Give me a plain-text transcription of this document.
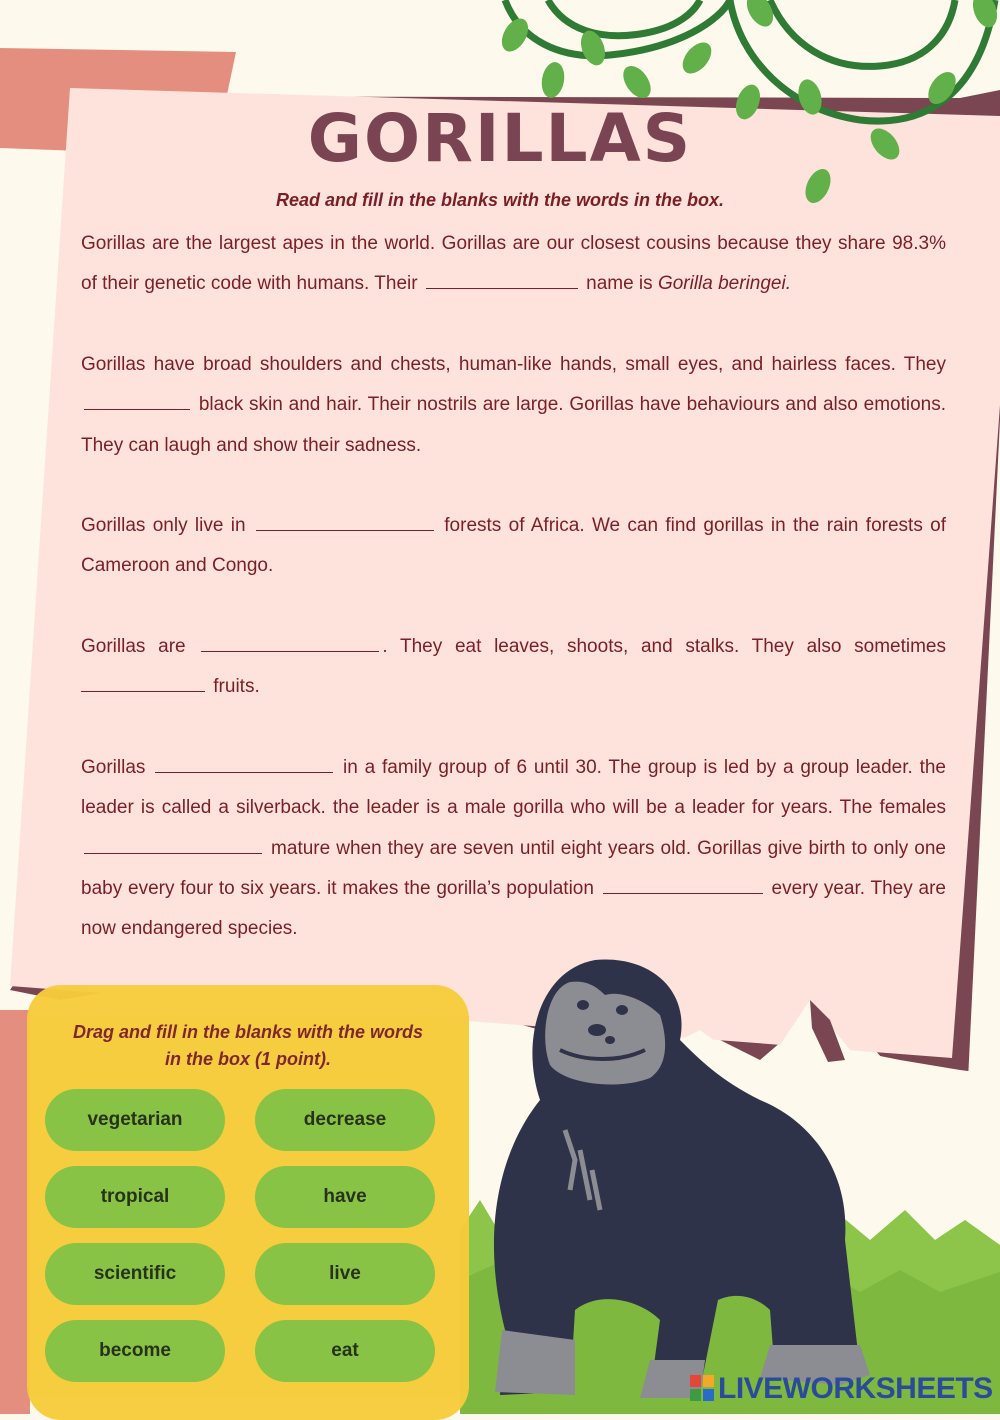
GORILLAS

Read and fill in the blanks with the words in the box.

Gorillas are the largest apes in the world. Gorillas are our closest cousins because they share 98.3% of their genetic code with humans. Their	name is Gorilla beringei.

Gorillas have broad shoulders and chests, human-like hands, small eyes, and hairless faces. They  black skin and hair. Their nostrils are large. Gorillas have behaviours and also emotions. They can laugh and show their sadness.

Gorillas only live in	forests of Africa. We can find gorillas in the rain forests of Cameroon and Congo.

Gorillas are	. They eat leaves, shoots, and stalks. They also sometimes  fruits.

Gorillas	in a family group of 6 until 30. The group is led by a group leader. the leader is called a silverback. the leader is a male gorilla who will be a leader for years. The females  mature when they are seven until eight years old. Gorillas give birth to only one baby every four to six years. it makes the gorilla’s population	every year. They are now endangered species.

Drag and fill in the blanks with the words
in the box (1 point).

vegetarian	decrease
tropical	have
scientific	live
become	eat
LIVEWORKSHEETS
